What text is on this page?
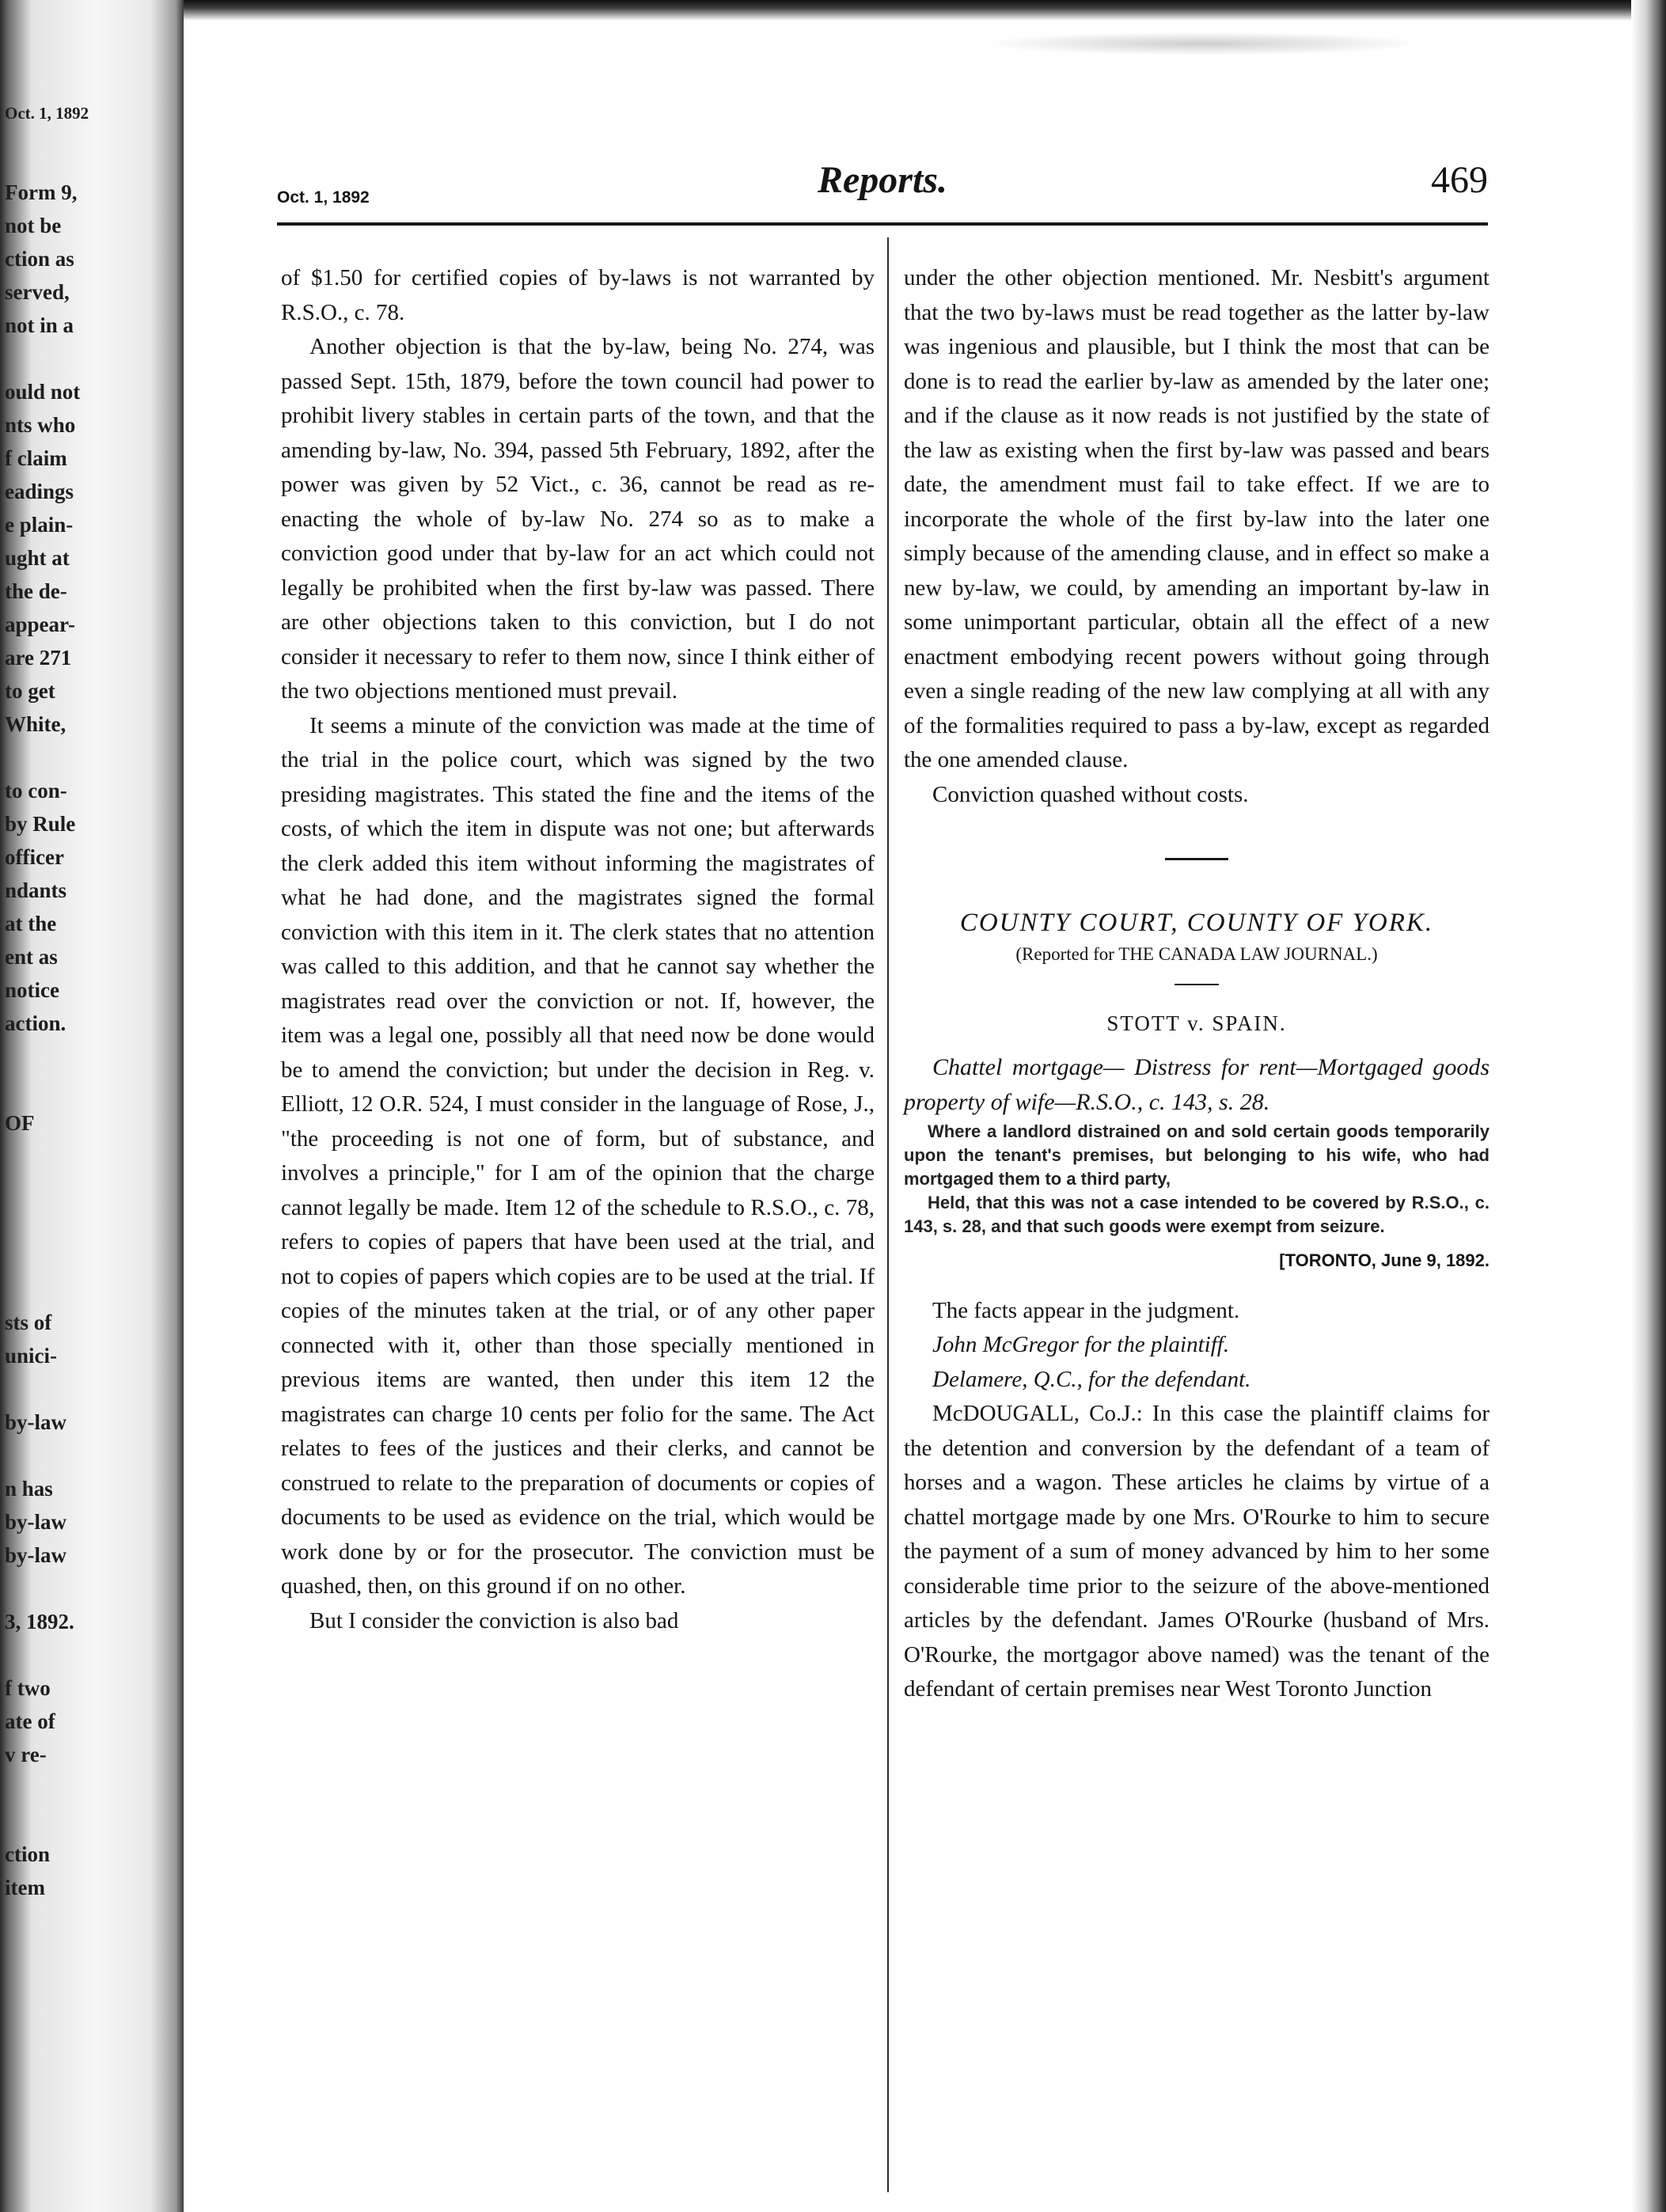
Oct. 1, 1892
Form 9,
not be
ction as
served,
not in a
ould not
nts who
f claim
eadings
e plain-
ught at
the de-
appear-
are 271
to get
White,
to con-
by Rule
officer
ndants
at the
ent as
notice
action.
OF
sts of
unici-
by-law
n has
by-law
by-law
3, 1892.
f two
ate of
v re-
ction
item
Oct. 1, 1892	Reports.	469

of $1.50 for certified copies of by-laws is not warranted by R.S.O., c. 78.

Another objection is that the by-law, being No. 274, was passed Sept. 15th, 1879, before the town council had power to prohibit livery stables in certain parts of the town, and that the amending by-law, No. 394, passed 5th February, 1892, after the power was given by 52 Vict., c. 36, cannot be read as re-enacting the whole of by-law No. 274 so as to make a conviction good under that by-law for an act which could not legally be prohibited when the first by-law was passed. There are other objections taken to this conviction, but I do not consider it necessary to refer to them now, since I think either of the two objections mentioned must prevail.

It seems a minute of the conviction was made at the time of the trial in the police court, which was signed by the two presiding magistrates. This stated the fine and the items of the costs, of which the item in dispute was not one; but afterwards the clerk added this item without informing the magistrates of what he had done, and the magistrates signed the formal conviction with this item in it. The clerk states that no attention was called to this addition, and that he cannot say whether the magistrates read over the conviction or not. If, however, the item was a legal one, possibly all that need now be done would be to amend the conviction; but under the decision in Reg. v. Elliott, 12 O.R. 524, I must consider in the language of Rose, J., "the proceeding is not one of form, but of substance, and involves a principle," for I am of the opinion that the charge cannot legally be made. Item 12 of the schedule to R.S.O., c. 78, refers to copies of papers that have been used at the trial, and not to copies of papers which copies are to be used at the trial. If copies of the minutes taken at the trial, or of any other paper connected with it, other than those specially mentioned in previous items are wanted, then under this item 12 the magistrates can charge 10 cents per folio for the same. The Act relates to fees of the justices and their clerks, and cannot be construed to relate to the preparation of documents or copies of documents to be used as evidence on the trial, which would be work done by or for the prosecutor. The conviction must be quashed, then, on this ground if on no other.

But I consider the conviction is also bad

under the other objection mentioned. Mr. Nesbitt's argument that the two by-laws must be read together as the latter by-law was ingenious and plausible, but I think the most that can be done is to read the earlier by-law as amended by the later one; and if the clause as it now reads is not justified by the state of the law as existing when the first by-law was passed and bears date, the amendment must fail to take effect. If we are to incorporate the whole of the first by-law into the later one simply because of the amending clause, and in effect so make a new by-law, we could, by amending an important by-law in some unimportant particular, obtain all the effect of a new enactment embodying recent powers without going through even a single reading of the new law complying at all with any of the formalities required to pass a by-law, except as regarded the one amended clause.

Conviction quashed without costs.

COUNTY COURT, COUNTY OF YORK.
(Reported for THE CANADA LAW JOURNAL.)
STOTT v. SPAIN.

Chattel mortgage— Distress for rent—Mortgaged goods property of wife—R.S.O., c. 143, s. 28.

Where a landlord distrained on and sold certain goods temporarily upon the tenant's premises, but belonging to his wife, who had mortgaged them to a third party,

Held, that this was not a case intended to be covered by R.S.O., c. 143, s. 28, and that such goods were exempt from seizure.

[TORONTO, June 9, 1892.

The facts appear in the judgment.

John McGregor for the plaintiff.

Delamere, Q.C., for the defendant.

McDOUGALL, Co.J.: In this case the plaintiff claims for the detention and conversion by the defendant of a team of horses and a wagon. These articles he claims by virtue of a chattel mortgage made by one Mrs. O'Rourke to him to secure the payment of a sum of money advanced by him to her some considerable time prior to the seizure of the above-mentioned articles by the defendant. James O'Rourke (husband of Mrs. O'Rourke, the mortgagor above named) was the tenant of the defendant of certain premises near West Toronto Junction
